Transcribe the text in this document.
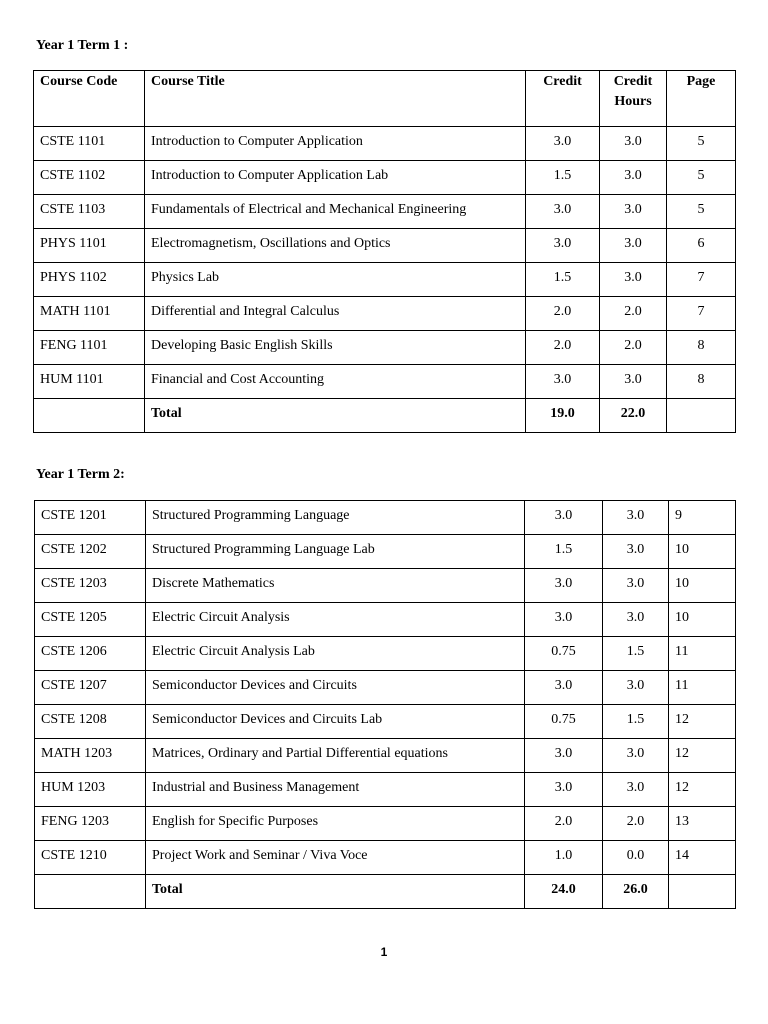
Year 1 Term 1 :
Course Code	Course Title	Credit	Credit Hours	Page
CSTE 1101	Introduction to Computer Application	3.0	3.0	5
CSTE 1102	Introduction to Computer Application Lab	1.5	3.0	5
CSTE 1103	Fundamentals of Electrical and Mechanical Engineering	3.0	3.0	5
PHYS 1101	Electromagnetism, Oscillations and Optics	3.0	3.0	6
PHYS 1102	Physics Lab	1.5	3.0	7
MATH 1101	Differential and Integral Calculus	2.0	2.0	7
FENG 1101	Developing Basic English Skills	2.0	2.0	8
HUM 1101	Financial and Cost Accounting	3.0	3.0	8
	Total	19.0	22.0	
Year 1 Term 2:
CSTE 1201	Structured Programming Language	3.0	3.0	9
CSTE 1202	Structured Programming Language Lab	1.5	3.0	10
CSTE 1203	Discrete Mathematics	3.0	3.0	10
CSTE 1205	Electric Circuit Analysis	3.0	3.0	10
CSTE 1206	Electric Circuit Analysis Lab	0.75	1.5	11
CSTE 1207	Semiconductor Devices and Circuits	3.0	3.0	11
CSTE 1208	Semiconductor Devices and Circuits Lab	0.75	1.5	12
MATH 1203	Matrices, Ordinary and Partial Differential equations	3.0	3.0	12
HUM 1203	Industrial and Business Management	3.0	3.0	12
FENG 1203	English for Specific Purposes	2.0	2.0	13
CSTE 1210	Project Work and Seminar / Viva Voce	1.0	0.0	14
	Total	24.0	26.0	
1
